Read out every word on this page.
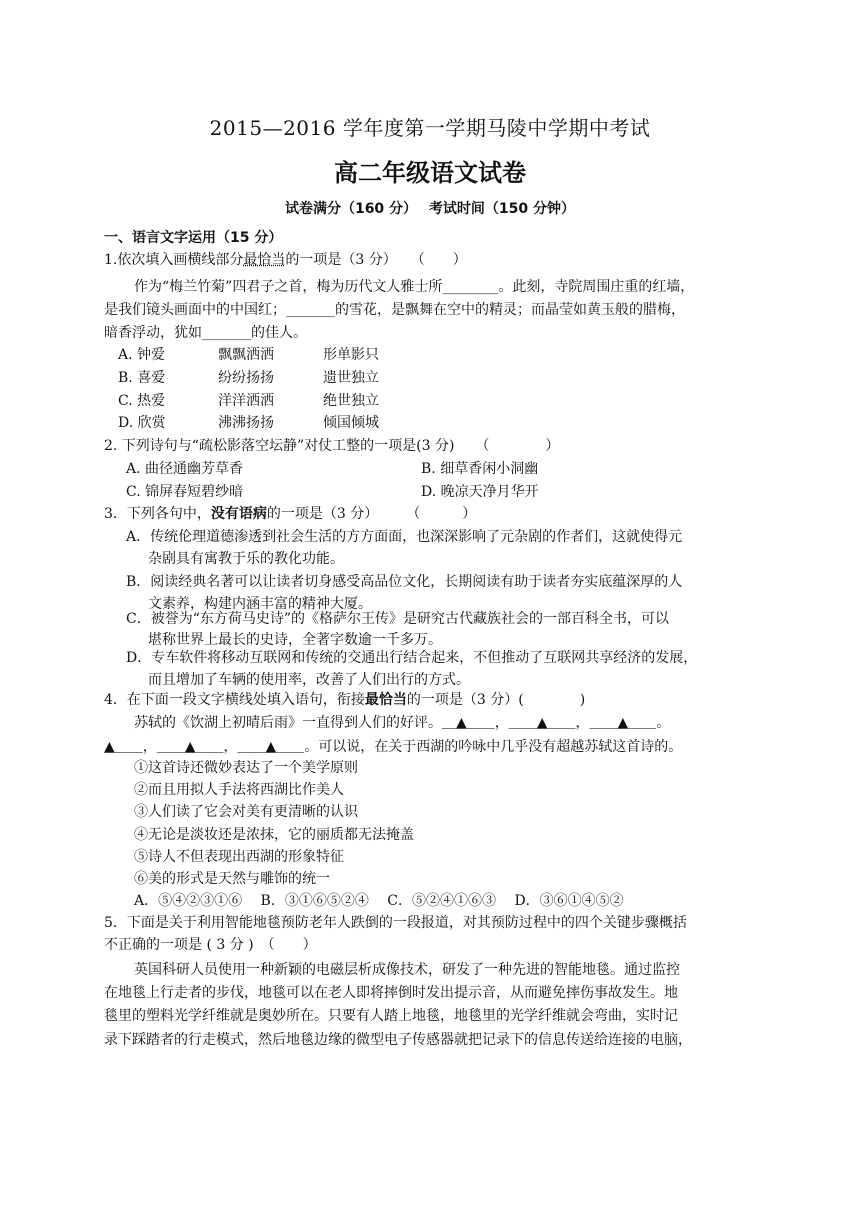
2015—2016 学年度第一学期马陵中学期中考试
高二年级语文试卷
试卷满分（160 分）　 考试时间（150 分钟）
一、语言文字运用（15 分）
1.依次填入画横线部分最恰当的一项是（3 分）　　（　　）
作为“梅兰竹菊”四君子之首，梅为历代文人雅士所________。此刻，寺院周围庄重的红墙，
是我们镜头画面中的中国红；_______的雪花，是飘舞在空中的精灵；而晶莹如黄玉般的腊梅，
暗香浮动，犹如_______的佳人。
A. 钟爱	飘飘洒洒	形单影只
B. 喜爱	纷纷扬扬	遗世独立
C. 热爱	洋洋洒洒	绝世独立
D. 欣赏	沸沸扬扬	倾国倾城
2. 下列诗句与“疏松影落空坛静”对仗工整的一项是(3 分)　　（　　　　）
A. 曲径通幽芳草香	B. 细草香闲小洞幽
C. 锦屏春短碧纱暗	D. 晚凉天净月华开
3．下列各句中，没有语病的一项是（3 分）　　　（　　　）
A．传统伦理道德渗透到社会生活的方方面面，也深深影响了元杂剧的作者们，这就使得元
杂剧具有寓教于乐的教化功能。
B．阅读经典名著可以让读者切身感受高品位文化，长期阅读有助于读者夯实底蕴深厚的人
文素养，构建内涵丰富的精神大厦。
C．被誉为“东方荷马史诗”的《格萨尔王传》是研究古代藏族社会的一部百科全书，可以
堪称世界上最长的史诗，全著字数逾一千多万。
D．专车软件将移动互联网和传统的交通出行结合起来，不但推动了互联网共享经济的发展，
而且增加了车辆的使用率，改善了人们出行的方式。
4．在下面一段文字横线处填入语句，衔接最恰当的一项是（3 分）(　　　　)
苏轼的《饮湖上初晴后雨》一直得到人们的好评。＿▲＿＿，＿＿▲＿＿，＿＿▲＿＿。
▲＿＿，＿＿▲＿＿，＿＿▲＿＿。可以说，在关于西湖的吟咏中几乎没有超越苏轼这首诗的。
①这首诗还微妙表达了一个美学原则
②而且用拟人手法将西湖比作美人
③人们读了它会对美有更清晰的认识
④无论是淡妆还是浓抹，它的丽质都无法掩盖
⑤诗人不但表现出西湖的形象特征
⑥美的形式是天然与雕饰的统一
A．⑤④②③①⑥　 B．③①⑥⑤②④　 C．⑤②④①⑥③　 D．③⑥①④⑤②
5．下面是关于利用智能地毯预防老年人跌倒的一段报道，对其预防过程中的四个关键步骤概括
不正确的一项是 ( 3 分 )　（　　）
英国科研人员使用一种新颖的电磁层析成像技术，研发了一种先进的智能地毯。通过监控
在地毯上行走者的步伐，地毯可以在老人即将摔倒时发出提示音，从而避免摔伤事故发生。地
毯里的塑料光学纤维就是奥妙所在。只要有人踏上地毯，地毯里的光学纤维就会弯曲，实时记
录下踩踏者的行走模式，然后地毯边缘的微型电子传感器就把记录下的信息传送给连接的电脑，
